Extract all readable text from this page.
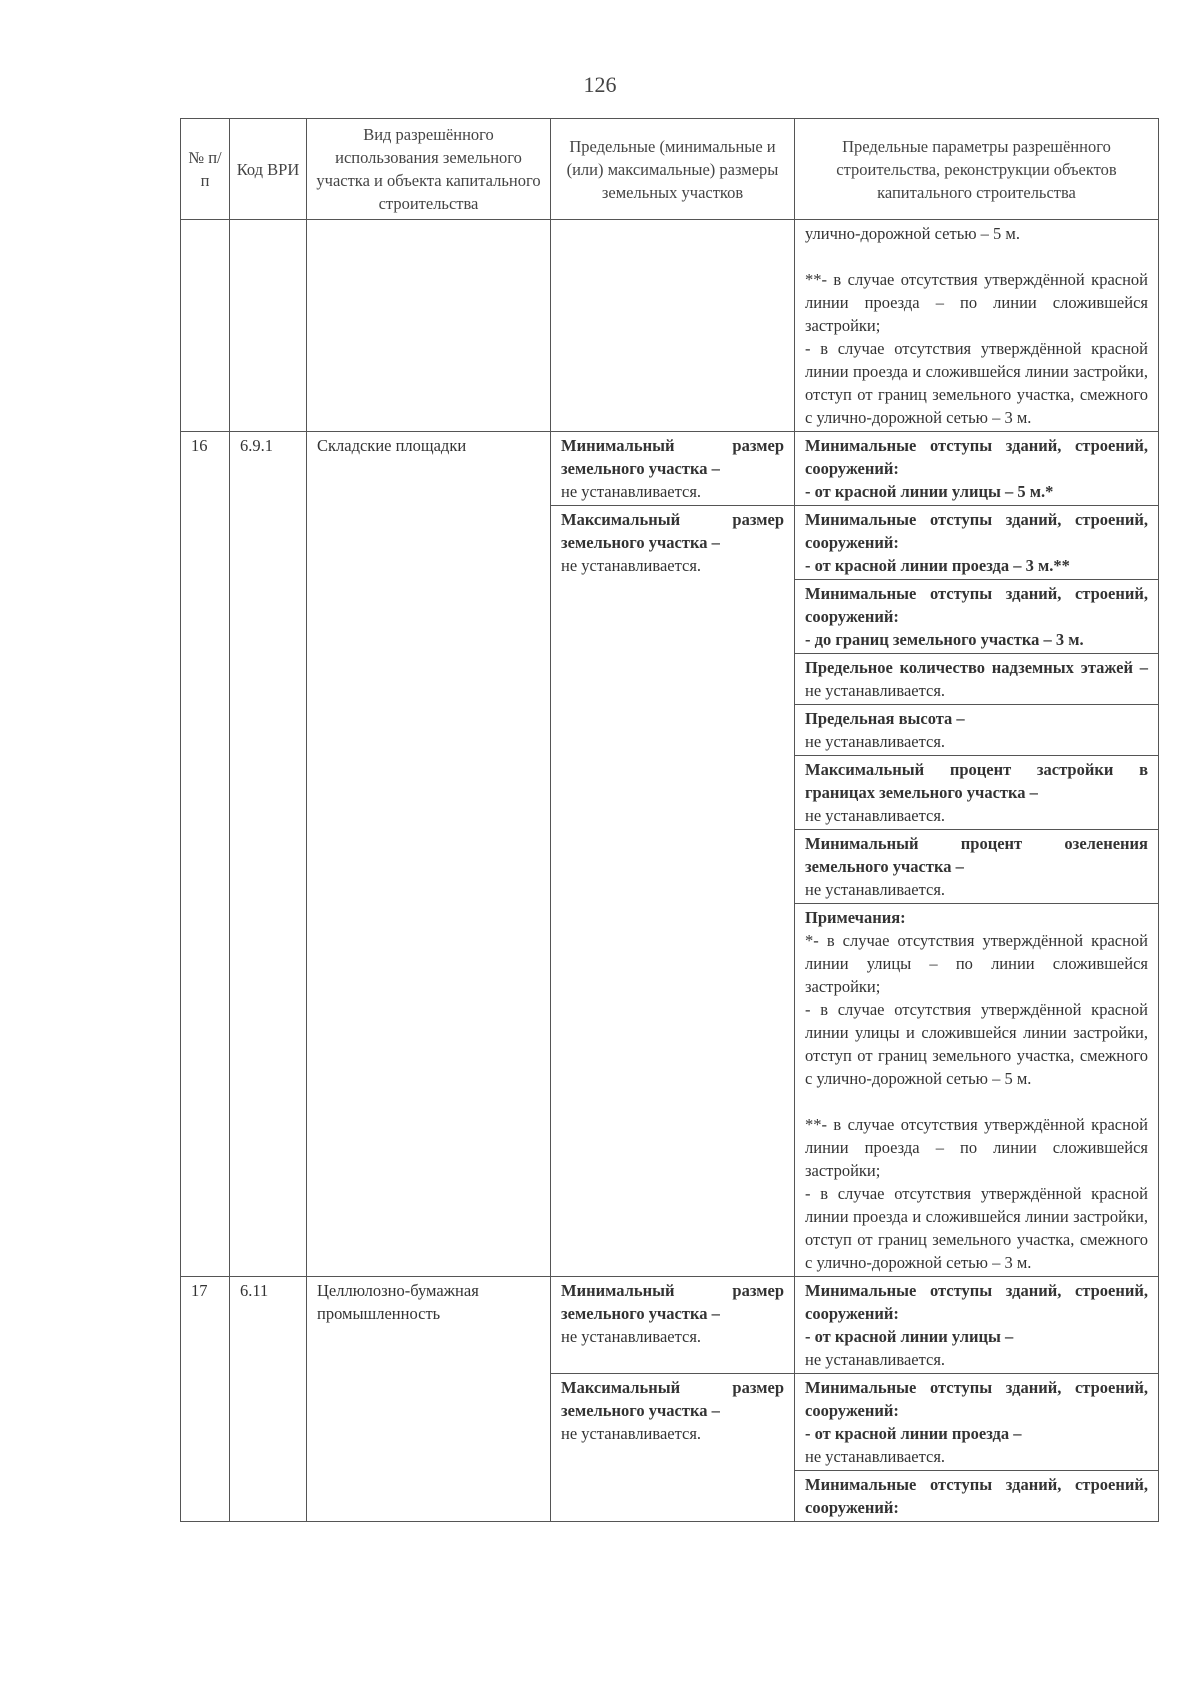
126
№ п/п	Код ВРИ	Вид разрешённого использования земельного участка и объекта капитального строительства	Предельные (минимальные и (или) максимальные) размеры земельных участков	Предельные параметры разрешённого строительства, реконструкции объектов капитального строительства

				улично-дорожной сетью – 5 м.
**- в случае отсутствия утверждённой красной линии проезда – по линии сложившейся застройки;
- в случае отсутствия утверждённой красной линии проезда и сложившейся линии застройки, отступ от границ земельного участка, смежного с улично-дорожной сетью – 3 м.

16	6.9.1	Складские площадки	Минимальный размер земельного участка –
не устанавливается.	Минимальные отступы зданий, строений, сооружений:
- от красной линии улицы – 5 м.*
			Максимальный размер земельного участка –
не устанавливается.	Минимальные отступы зданий, строений, сооружений:
- от красной линии проезда – 3 м.**
				Минимальные отступы зданий, строений, сооружений:
- до границ земельного участка – 3 м.
				Предельное количество надземных этажей – не устанавливается.
				Предельная высота –
не устанавливается.
				Максимальный процент застройки в границах земельного участка –
не устанавливается.
				Минимальный процент озеленения земельного участка –
не устанавливается.

				Примечания:
*- в случае отсутствия утверждённой красной линии улицы – по линии сложившейся застройки;
- в случае отсутствия утверждённой красной линии улицы и сложившейся линии застройки, отступ от границ земельного участка, смежного с улично-дорожной сетью – 5 м.
**- в случае отсутствия утверждённой красной линии проезда – по линии сложившейся застройки;
- в случае отсутствия утверждённой красной линии проезда и сложившейся линии застройки, отступ от границ земельного участка, смежного с улично-дорожной сетью – 3 м.

17	6.11	Целлюлозно-бумажная промышленность	Минимальный размер земельного участка –
не устанавливается.	Минимальные отступы зданий, строений, сооружений:
- от красной линии улицы –
не устанавливается.
			Максимальный размер земельного участка –
не устанавливается.	Минимальные отступы зданий, строений, сооружений:
- от красной линии проезда –
не устанавливается.
				Минимальные отступы зданий, строений, сооружений:
